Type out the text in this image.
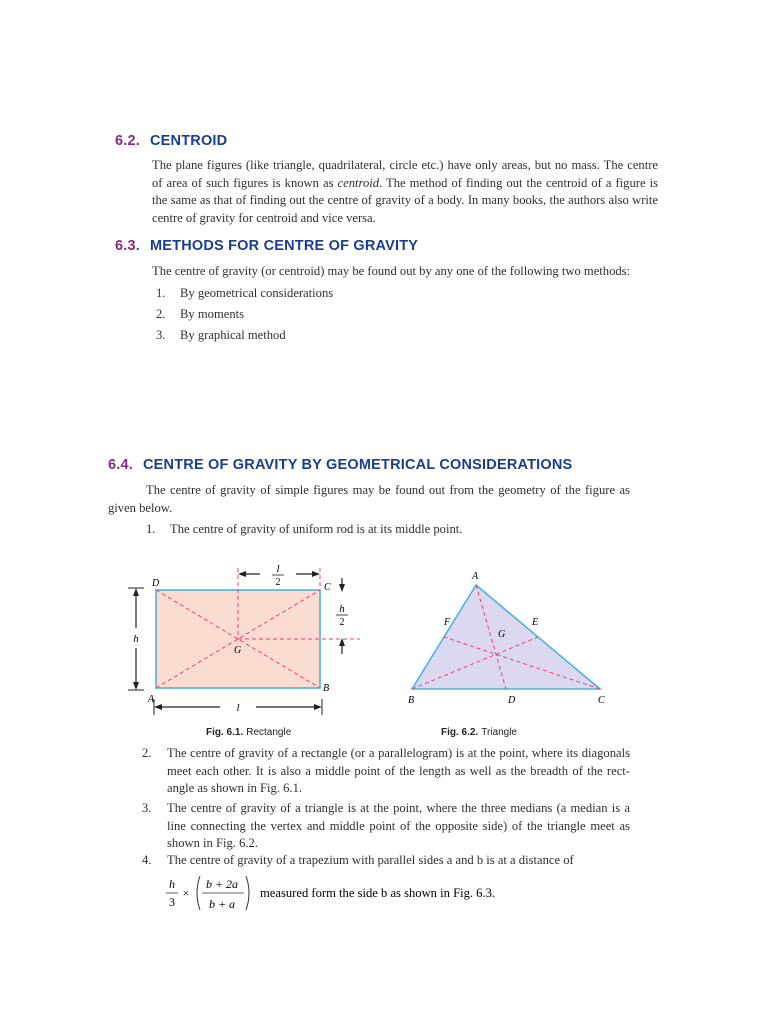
6.2. CENTROID
The plane figures (like triangle, quadrilateral, circle etc.) have only areas, but no mass. The centre of area of such figures is known as centroid. The method of finding out the centroid of a figure is the same as that of finding out the centre of gravity of a body. In many books, the authors also write centre of gravity for centroid and vice versa.
6.3. METHODS FOR CENTRE OF GRAVITY
The centre of gravity (or centroid) may be found out by any one of the following two methods:
1. By geometrical considerations
2. By moments
3. By graphical method
6.4. CENTRE OF GRAVITY BY GEOMETRICAL CONSIDERATIONS
The centre of gravity of simple figures may be found out from the geometry of the figure as given below.
1. The centre of gravity of uniform rod is at its middle point.
l
2
h
2
h
l
D	C
A
B
G
A
B	C
D
E
F
G
Fig. 6.1. Rectangle	Fig. 6.2. Triangle
2. The centre of gravity of a rectangle (or a parallelogram) is at the point, where its diagonals meet each other. It is also a middle point of the length as well as the breadth of the rect-angle as shown in Fig. 6.1.
3. The centre of gravity of a triangle is at the point, where the three medians (a median is a line connecting the vertex and middle point of the opposite side) of the triangle meet as shown in Fig. 6.2.
4. The centre of gravity of a trapezium with parallel sides a and b is at a distance of
h
3
×
b + 2a
b + a
measured form the side b as shown in Fig. 6.3.
